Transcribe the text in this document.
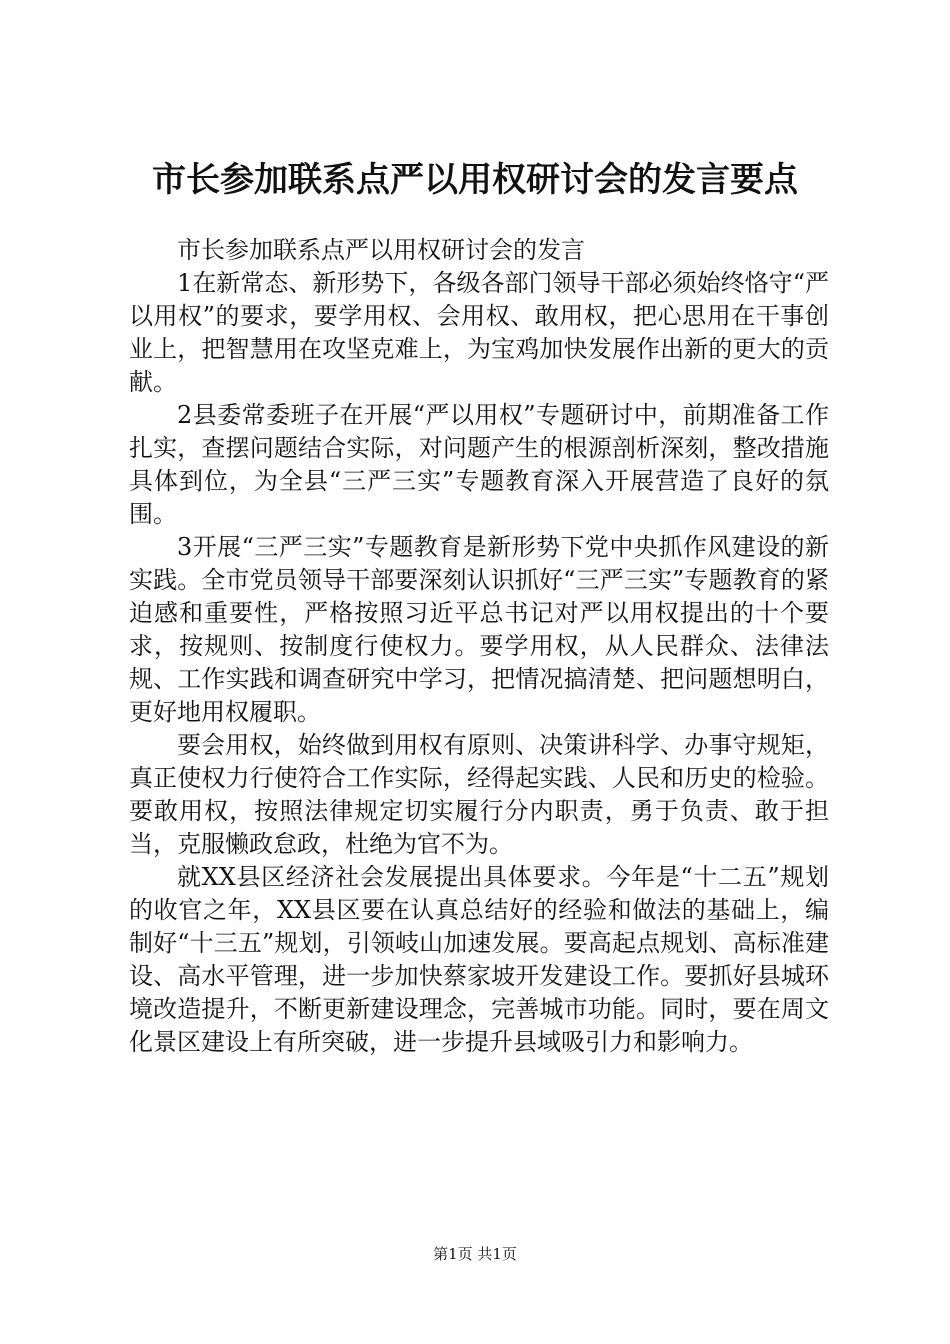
市长参加联系点严以用权研讨会的发言要点

市长参加联系点严以用权研讨会的发言

1在新常态、新形势下，各级各部门领导干部必须始终恪守“严以用权”的要求，要学用权、会用权、敢用权，把心思用在干事创业上，把智慧用在攻坚克难上，为宝鸡加快发展作出新的更大的贡献。

2县委常委班子在开展“严以用权”专题研讨中，前期准备工作扎实，查摆问题结合实际，对问题产生的根源剖析深刻，整改措施具体到位，为全县“三严三实”专题教育深入开展营造了良好的氛围。

3开展“三严三实”专题教育是新形势下党中央抓作风建设的新实践。全市党员领导干部要深刻认识抓好“三严三实”专题教育的紧迫感和重要性，严格按照习近平总书记对严以用权提出的十个要求，按规则、按制度行使权力。要学用权，从人民群众、法律法规、工作实践和调查研究中学习，把情况搞清楚、把问题想明白，更好地用权履职。

要会用权，始终做到用权有原则、决策讲科学、办事守规矩，真正使权力行使符合工作实际，经得起实践、人民和历史的检验。要敢用权，按照法律规定切实履行分内职责，勇于负责、敢于担当，克服懒政怠政，杜绝为官不为。

就XX县区经济社会发展提出具体要求。今年是“十二五”规划的收官之年，XX县区要在认真总结好的经验和做法的基础上，编制好“十三五”规划，引领岐山加速发展。要高起点规划、高标准建设、高水平管理，进一步加快蔡家坡开发建设工作。要抓好县城环境改造提升，不断更新建设理念，完善城市功能。同时，要在周文化景区建设上有所突破，进一步提升县域吸引力和影响力。

第1页 共1页
